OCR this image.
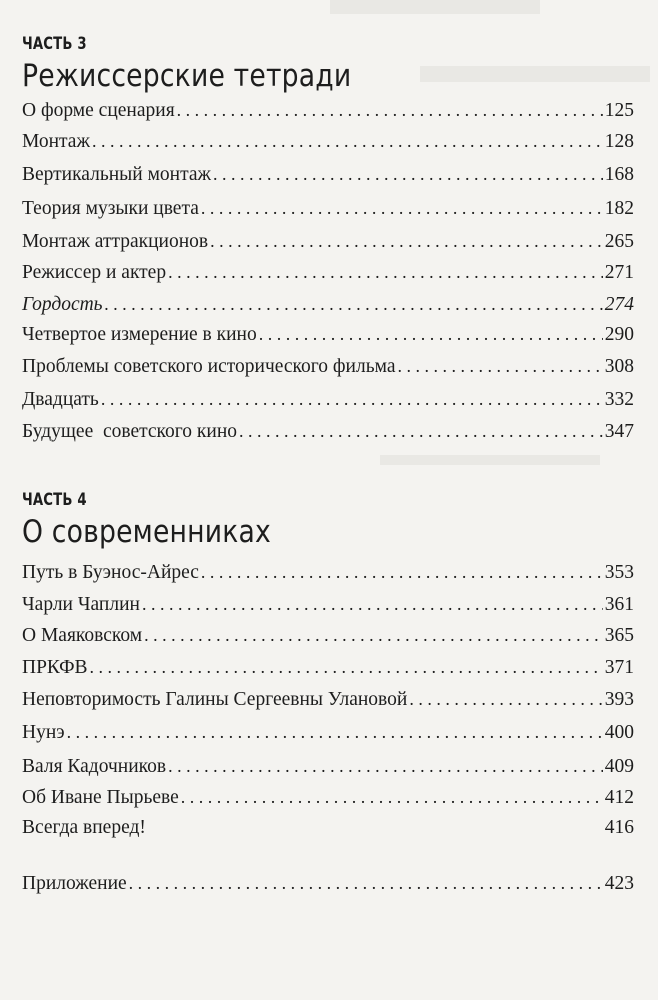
ЧАСТЬ 3
Режиссерские тетради
О форме сценария . . .	125
Монтаж . . .	128
Вертикальный монтаж . . .	168
Теория музыки цвета . . .	182
Монтаж аттракционов . . .	265
Режиссер и актер . . .	271
Гордость . . .	274
Четвертое измерение в кино . . .	290
Проблемы советского исторического фильма . . .	308
Двадцать . . .	332
Будущее  советского кино . . .	347
ЧАСТЬ 4
О современниках
Путь в Буэнос-Айрес . . .	353
Чарли Чаплин . . .	361
О Маяковском . . .	365
ПРКФВ . . .	371
Неповторимость Галины Сергеевны Улановой . . .	393
Нунэ . . .	400
Валя Кадочников . . .	409
Об Иване Пырьеве . . .	412
Всегда вперед!	416
Приложение . . .	423
